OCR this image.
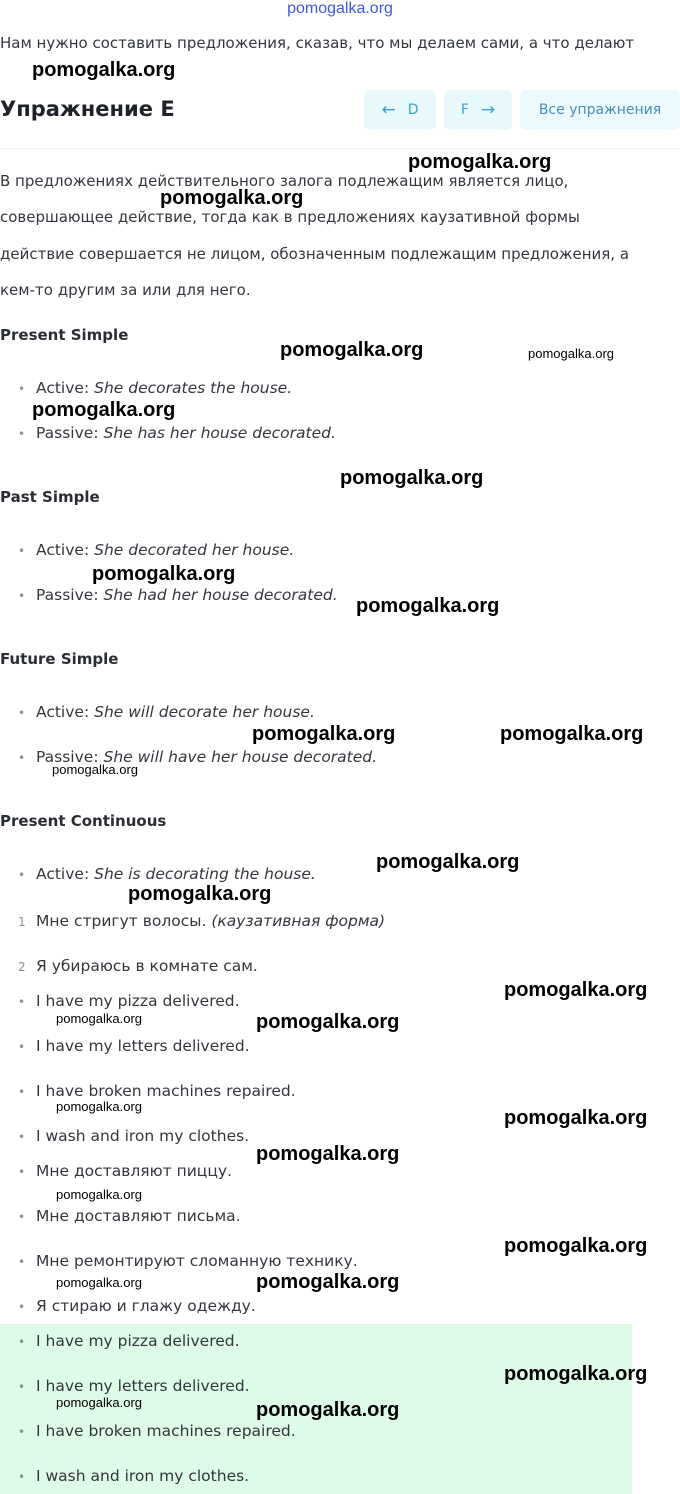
pomogalka.org
Нам нужно составить предложения, сказав, что мы делаем сами, а что делают
Упражнение E	← D	F →	Все упражнения
В предложениях действительного залога подлежащим является лицо,
совершающее действие, тогда как в предложениях каузативной формы
действие совершается не лицом, обозначенным подлежащим предложения, а
кем-то другим за или для него.
Present Simple
• Active: She decorates the house.
• Passive: She has her house decorated.
Past Simple
• Active: She decorated her house.
• Passive: She had her house decorated.
Future Simple
• Active: She will decorate her house.
• Passive: She will have her house decorated.
Present Continuous
• Active: She is decorating the house.
1 Мне стригут волосы. (каузативная форма)
2 Я убираюсь в комнате сам.
• I have my pizza delivered.
• I have my letters delivered.
• I have broken machines repaired.
• I wash and iron my clothes.
• Мне доставляют пиццу.
• Мне доставляют письма.
• Мне ремонтируют сломанную технику.
• Я стираю и глажу одежду.
• I have my pizza delivered.
• I have my letters delivered.
• I have broken machines repaired.
• I wash and iron my clothes.
pomogalka.org
pomogalka.org
pomogalka.org
pomogalka.org	pomogalka.org
pomogalka.org
pomogalka.org
pomogalka.org
pomogalka.org
pomogalka.org	pomogalka.org
pomogalka.org
pomogalka.org
pomogalka.org
pomogalka.org
pomogalka.org	pomogalka.org
pomogalka.org
pomogalka.org
pomogalka.org
pomogalka.org
pomogalka.org
pomogalka.org	pomogalka.org
pomogalka.org
pomogalka.org	pomogalka.org
